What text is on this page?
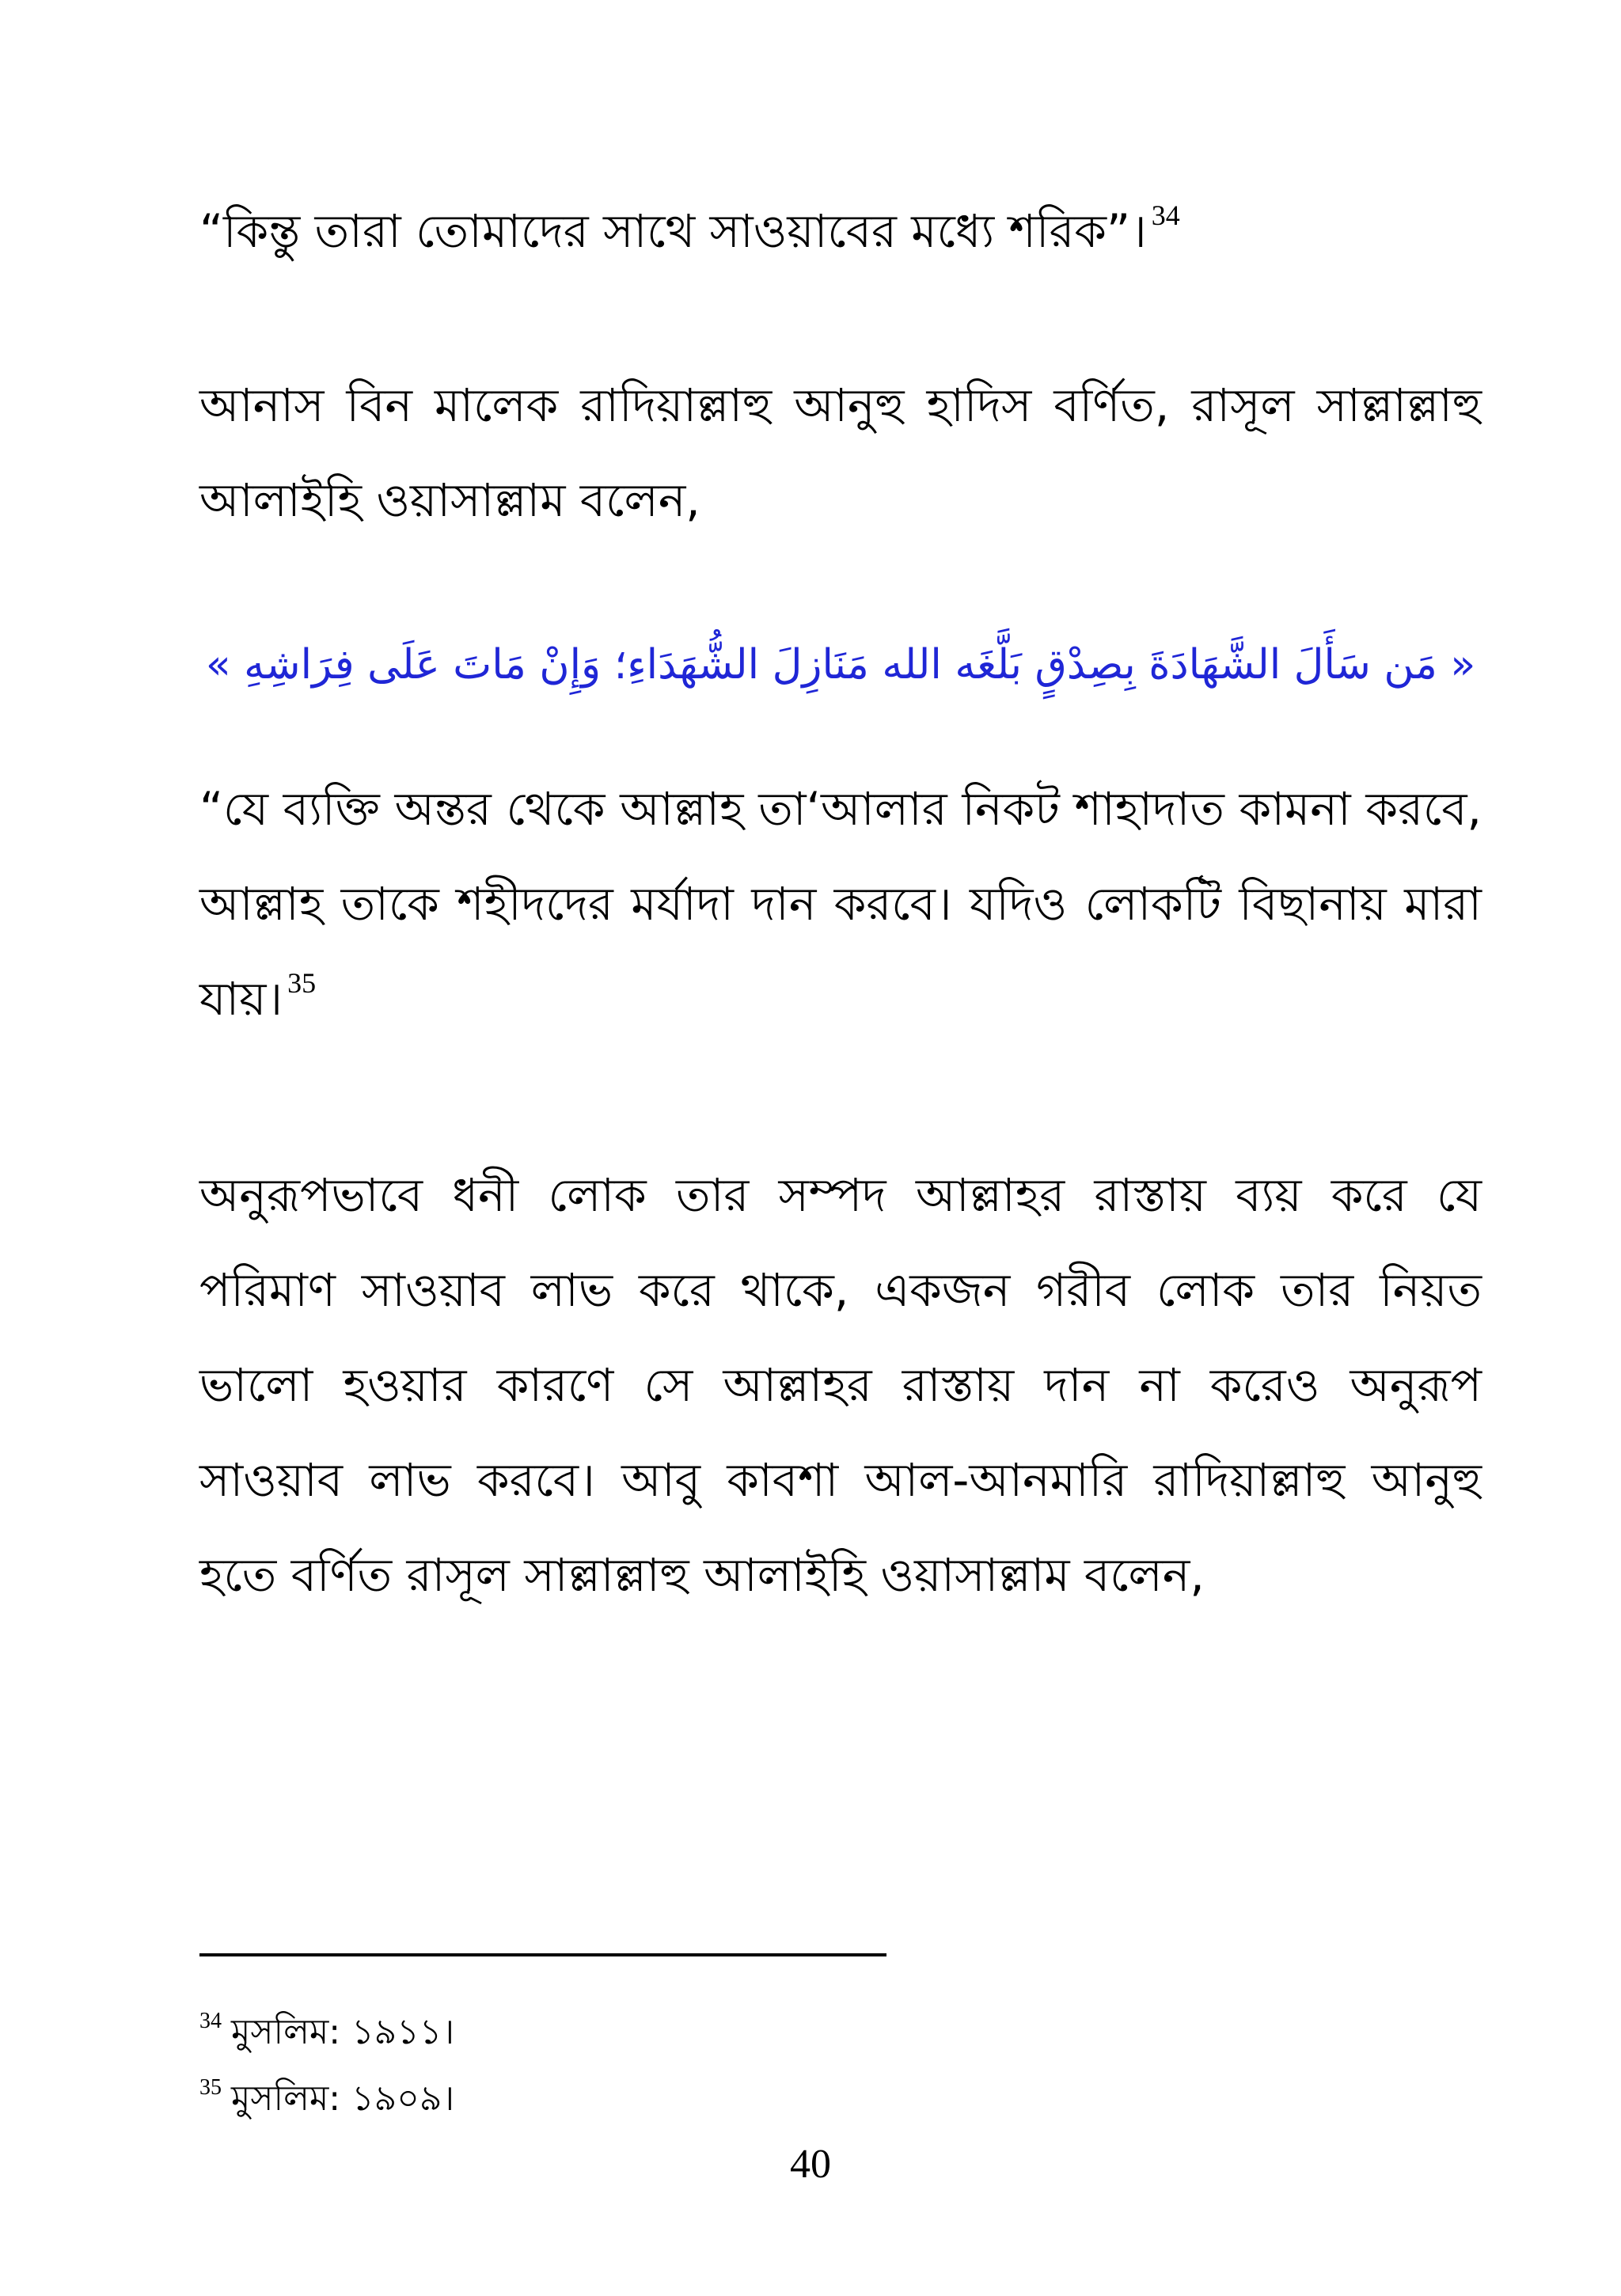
“কিন্তু তারা তোমাদের সাথে সাওয়াবের মধ্যে শরিক”। $^{34}$

আনাস বিন মালেক রাদিয়াল্লাহু আনুহু হাদিস বর্ণিত, রাসূল সাল্লাল্লাহু আলাইহি ওয়াসাল্লাম বলেন,

« مَن سَأَلَ الشَّهَادَةَ بِصِدْقٍ بَلَّغَه الله مَنَازِلَ الشُّهَدَاءِ؛ وَإِنْ مَاتَ عَلَى فِرَاشِهِ »

“যে ব্যক্তি অন্তর থেকে আল্লাহ তা‘আলার নিকট শাহাদাত কামনা করবে, আল্লাহ তাকে শহীদদের মর্যাদা দান করবে। যদিও লোকটি বিছানায় মারা যায়। $^{35}$

অনুরূপভাবে ধনী লোক তার সম্পদ আল্লাহর রাস্তায় ব্যয় করে যে পরিমাণ সাওয়াব লাভ করে থাকে, একজন গরীব লোক তার নিয়ত ভালো হওয়ার কারণে সে আল্লাহর রাস্তায় দান না করেও অনুরূপ সাওয়াব লাভ করবে। আবু কাবশা আল-আনমারি রাদিয়াল্লাহু আনুহু হতে বর্ণিত রাসূল সাল্লাল্লাহু আলাইহি ওয়াসাল্লাম বলেন,

$^{34}$ মুসলিম: ১৯১১।
$^{35}$ মুসলিম: ১৯০৯।
40
